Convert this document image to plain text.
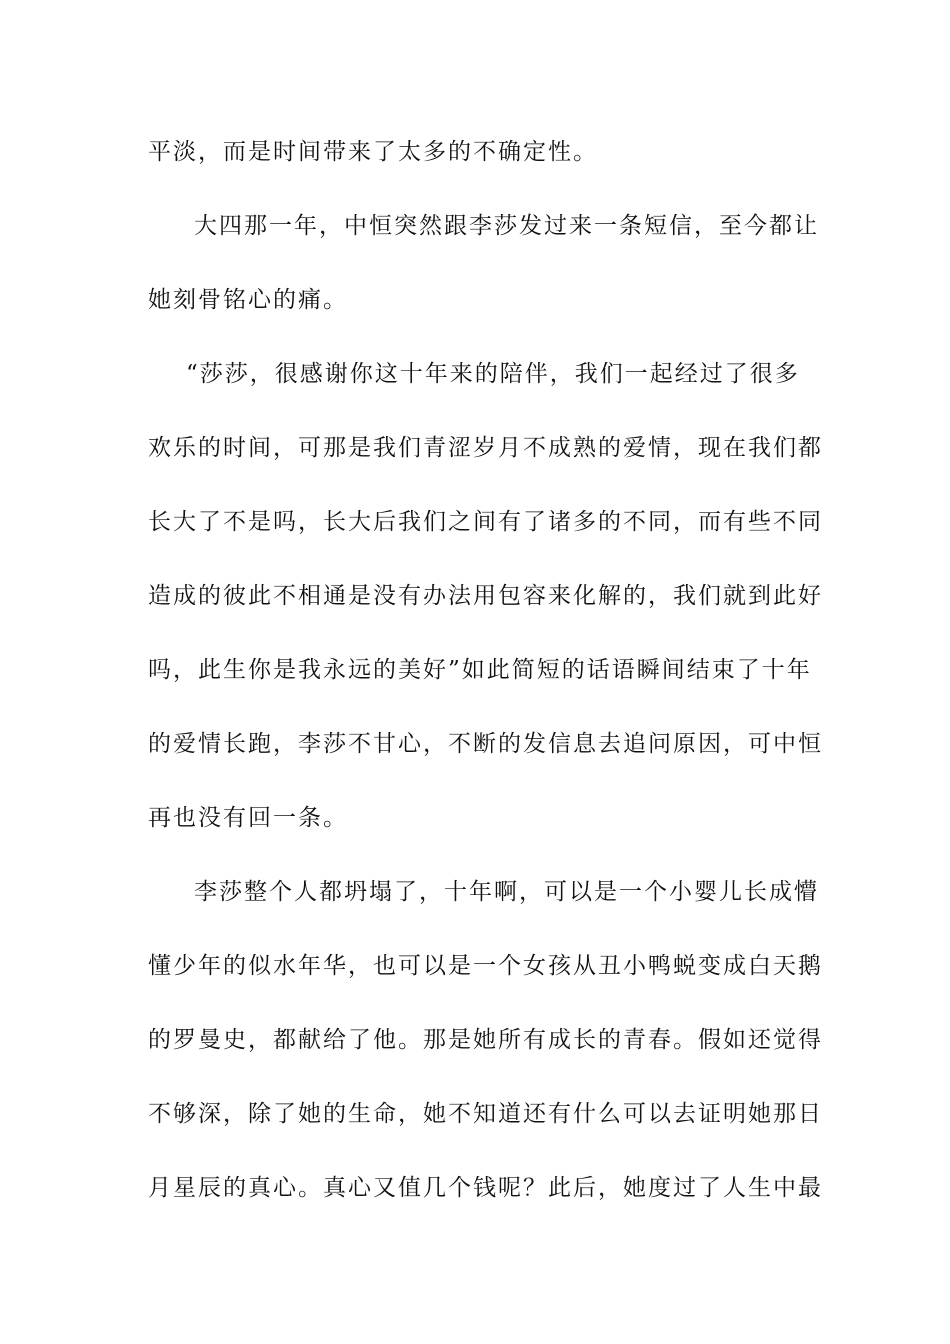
平淡，而是时间带来了太多的不确定性。
大四那一年，中恒突然跟李莎发过来一条短信，至今都让
她刻骨铭心的痛。
“莎莎，很感谢你这十年来的陪伴，我们一起经过了很多
欢乐的时间，可那是我们青涩岁月不成熟的爱情，现在我们都
长大了不是吗，长大后我们之间有了诸多的不同，而有些不同
造成的彼此不相通是没有办法用包容来化解的，我们就到此好
吗，此生你是我永远的美好”如此简短的话语瞬间结束了十年
的爱情长跑，李莎不甘心，不断的发信息去追问原因，可中恒
再也没有回一条。
李莎整个人都坍塌了，十年啊，可以是一个小婴儿长成懵
懂少年的似水年华，也可以是一个女孩从丑小鸭蜕变成白天鹅
的罗曼史，都献给了他。那是她所有成长的青春。假如还觉得
不够深，除了她的生命，她不知道还有什么可以去证明她那日
月星辰的真心。真心又值几个钱呢？此后，她度过了人生中最
